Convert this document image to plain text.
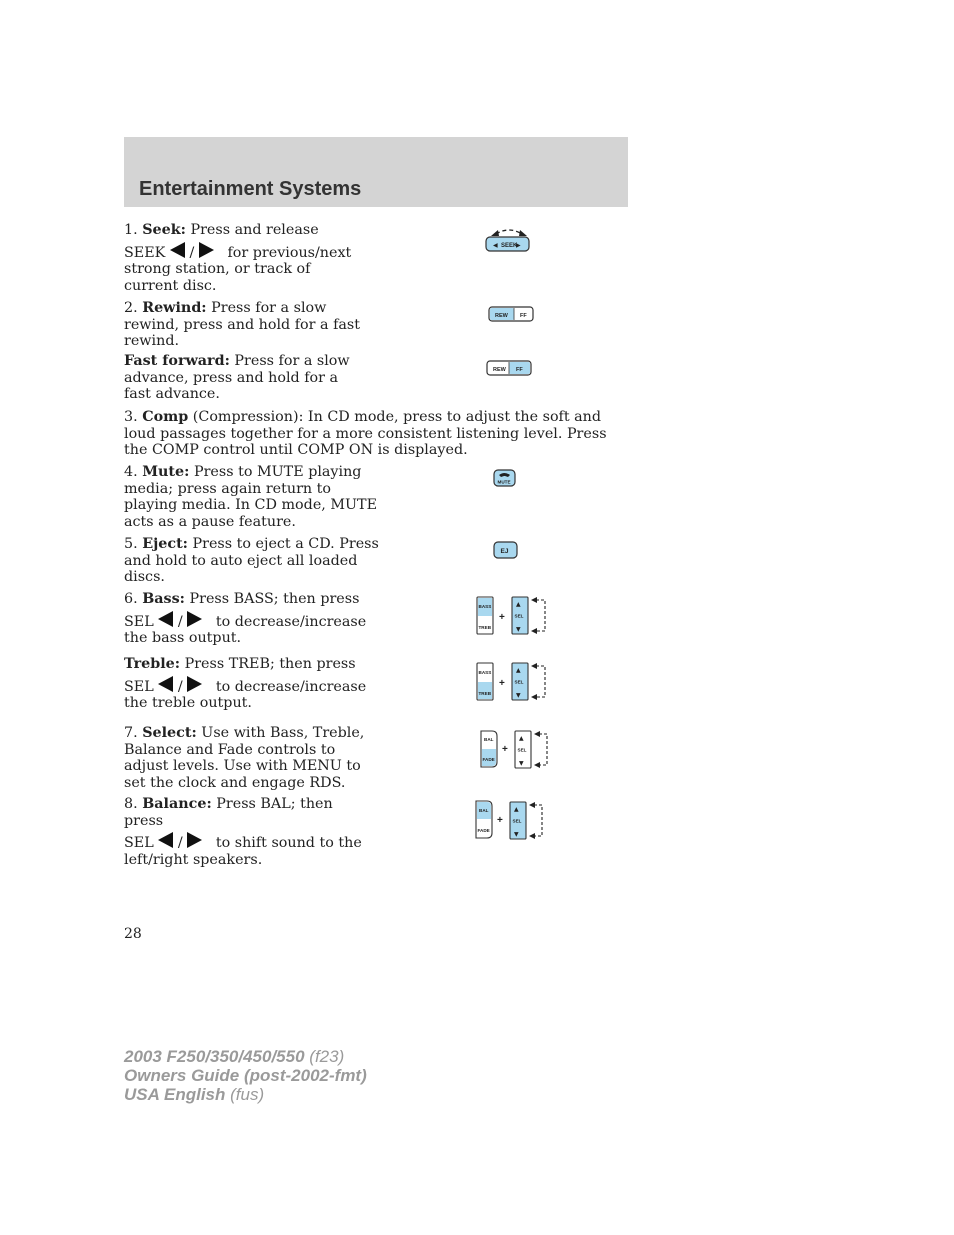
Entertainment Systems
1. Seek: Press and release
SEEK / for previous/next
strong station, or track of current disc.
◀ SEEK
▶
2. Rewind: Press for a slow rewind, press and hold for a fast rewind.
REW FF
Fast forward: Press for a slow advance, press and hold for a fast advance.
REW FF
3. Comp (Compression): In CD mode, press to adjust the soft and loud passages together for a more consistent listening level. Press the COMP control until COMP ON is displayed.
4. Mute: Press to MUTE playing media; press again return to playing media. In CD mode, MUTE acts as a pause feature.
MUTE
5. Eject: Press to eject a CD. Press and hold to auto eject all loaded discs.
EJ
6. Bass: Press BASS; then press
SEL / to decrease/increase
the bass output.
BASS
TREB
+
▲
SEL
▼
Treble: Press TREB; then press
SEL / to decrease/increase
the treble output.
BASS
TREB
+
▲
SEL
▼
7. Select: Use with Bass, Treble, Balance and Fade controls to adjust levels. Use with MENU to set the clock and engage RDS.
BAL
FADE
+
▲
SEL
▼
8. Balance: Press BAL; then press
SEL / to shift sound to the
left/right speakers.
BAL
FADE
+
▲
SEL
▼
28
2003 F250/350/450/550 (f23)
Owners Guide (post-2002-fmt)
USA English (fus)
